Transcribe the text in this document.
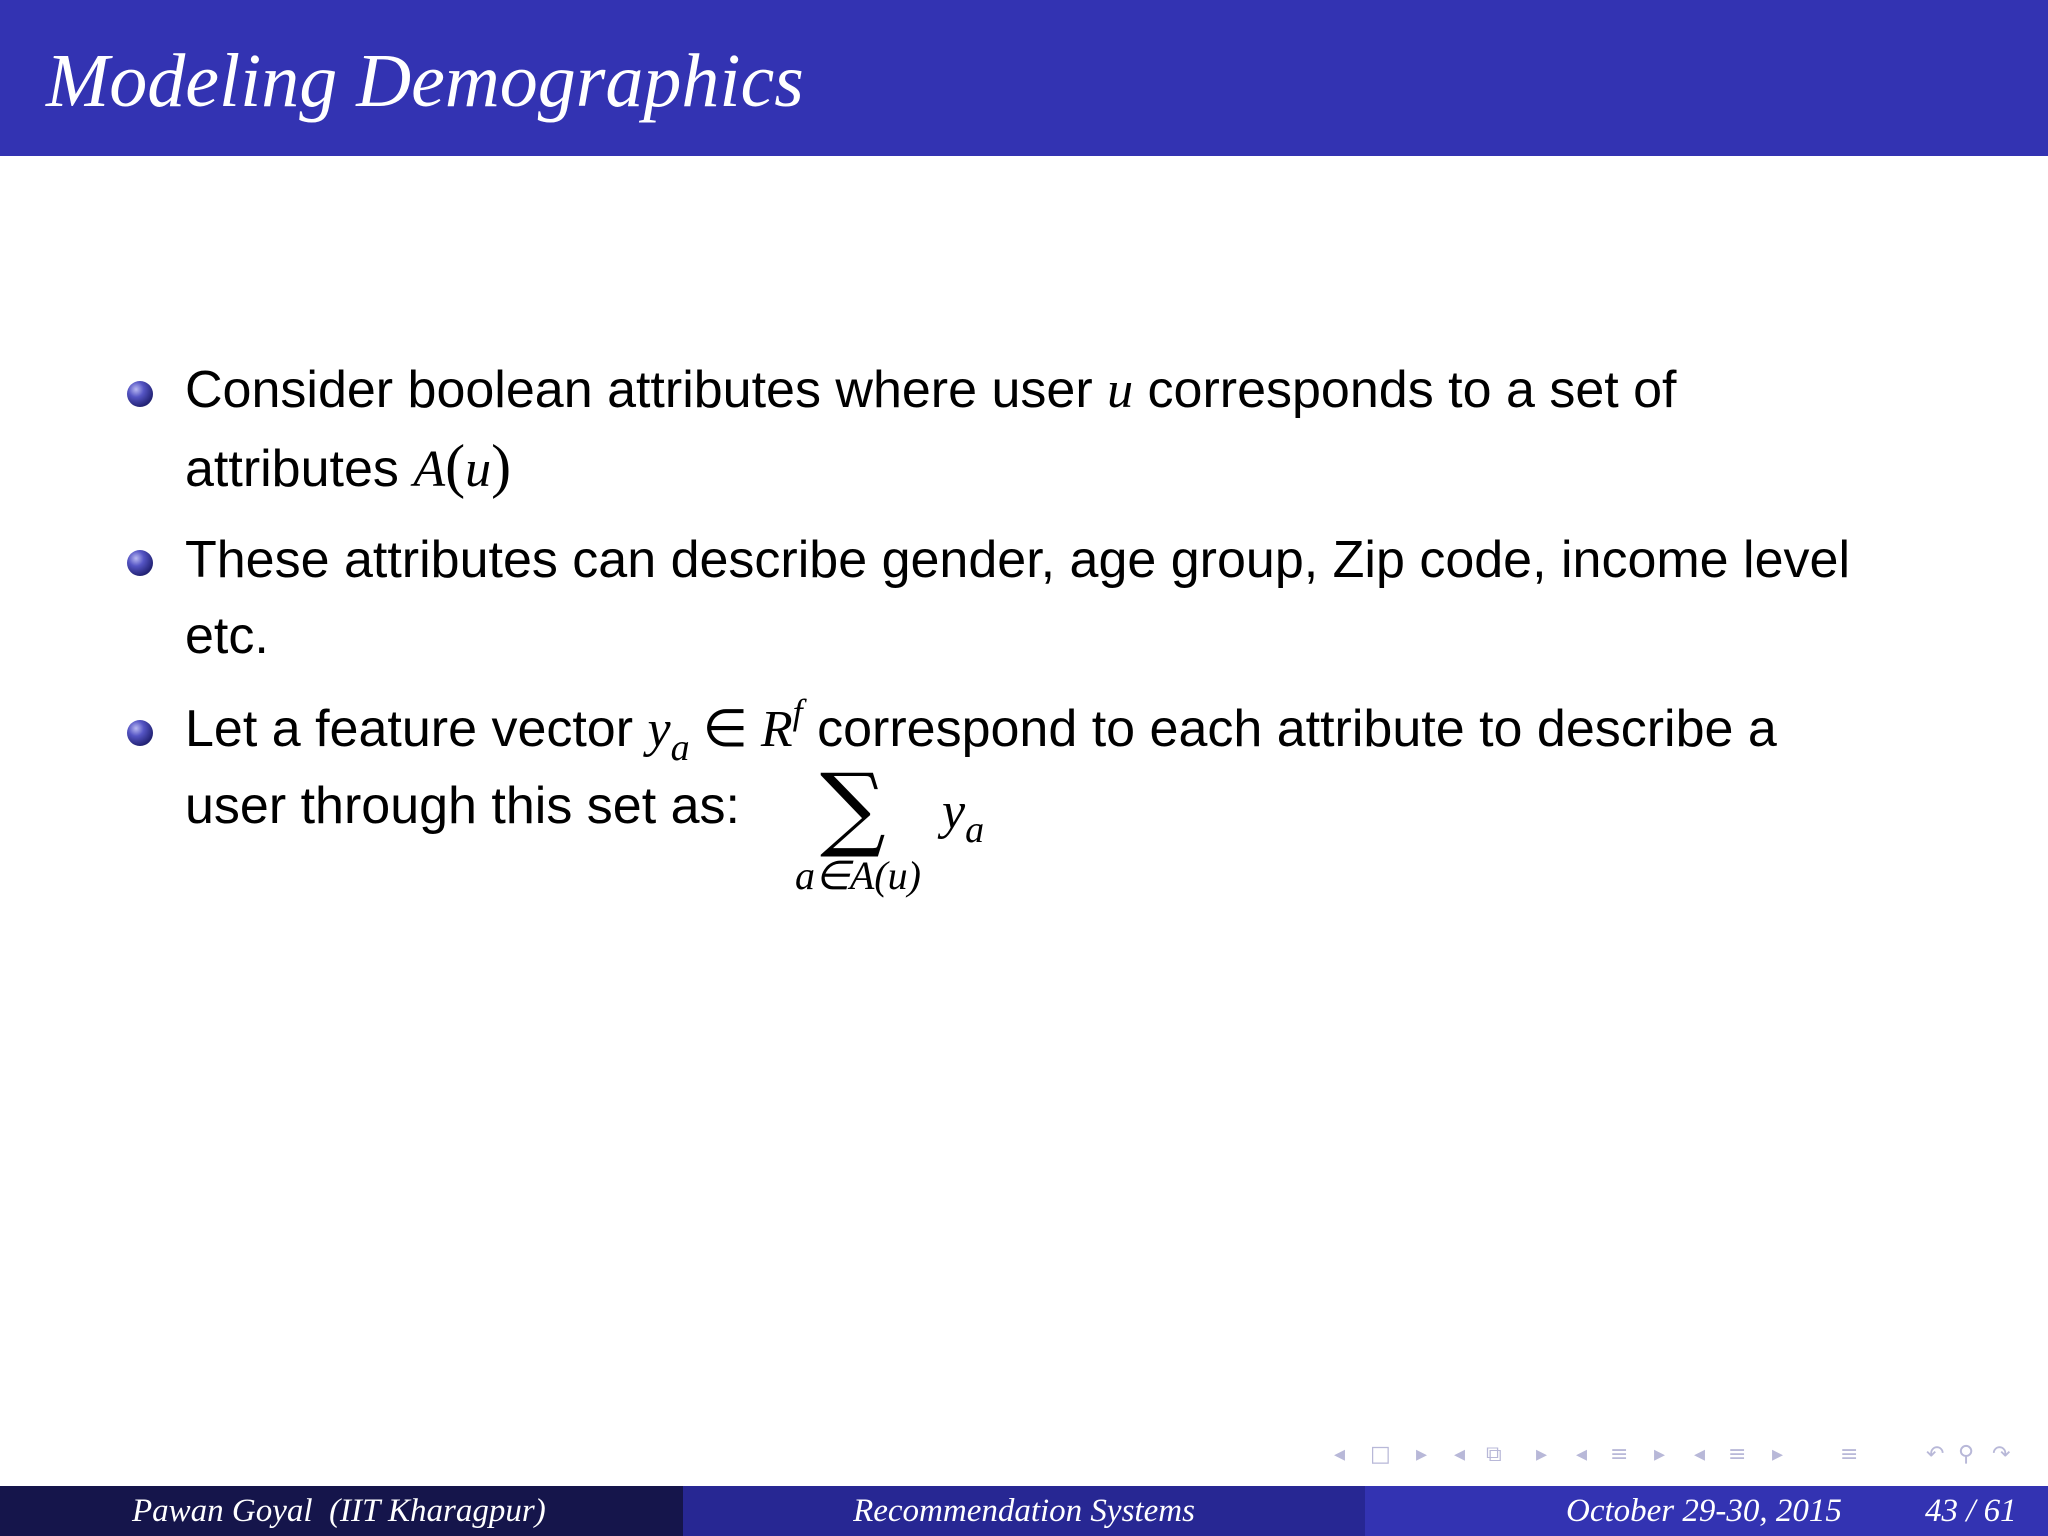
Modeling Demographics
Consider boolean attributes where user u corresponds to a set of
attributes A(u)
These attributes can describe gender, age group, Zip code, income level
etc.
Let a feature vector $y_a$ ∈ $R^f$ correspond to each attribute to describe a
user through this set as: ∑
a∈A(u)
$y_a$
◂ □ ▸ ◂ ⧉ ▸ ◂ ≡ ▸ ◂ ≡ ▸	≡	↶ ⚲ ↷
Pawan Goyal  (IIT Kharagpur)	Recommendation Systems	October 29-30, 2015	43 / 61
